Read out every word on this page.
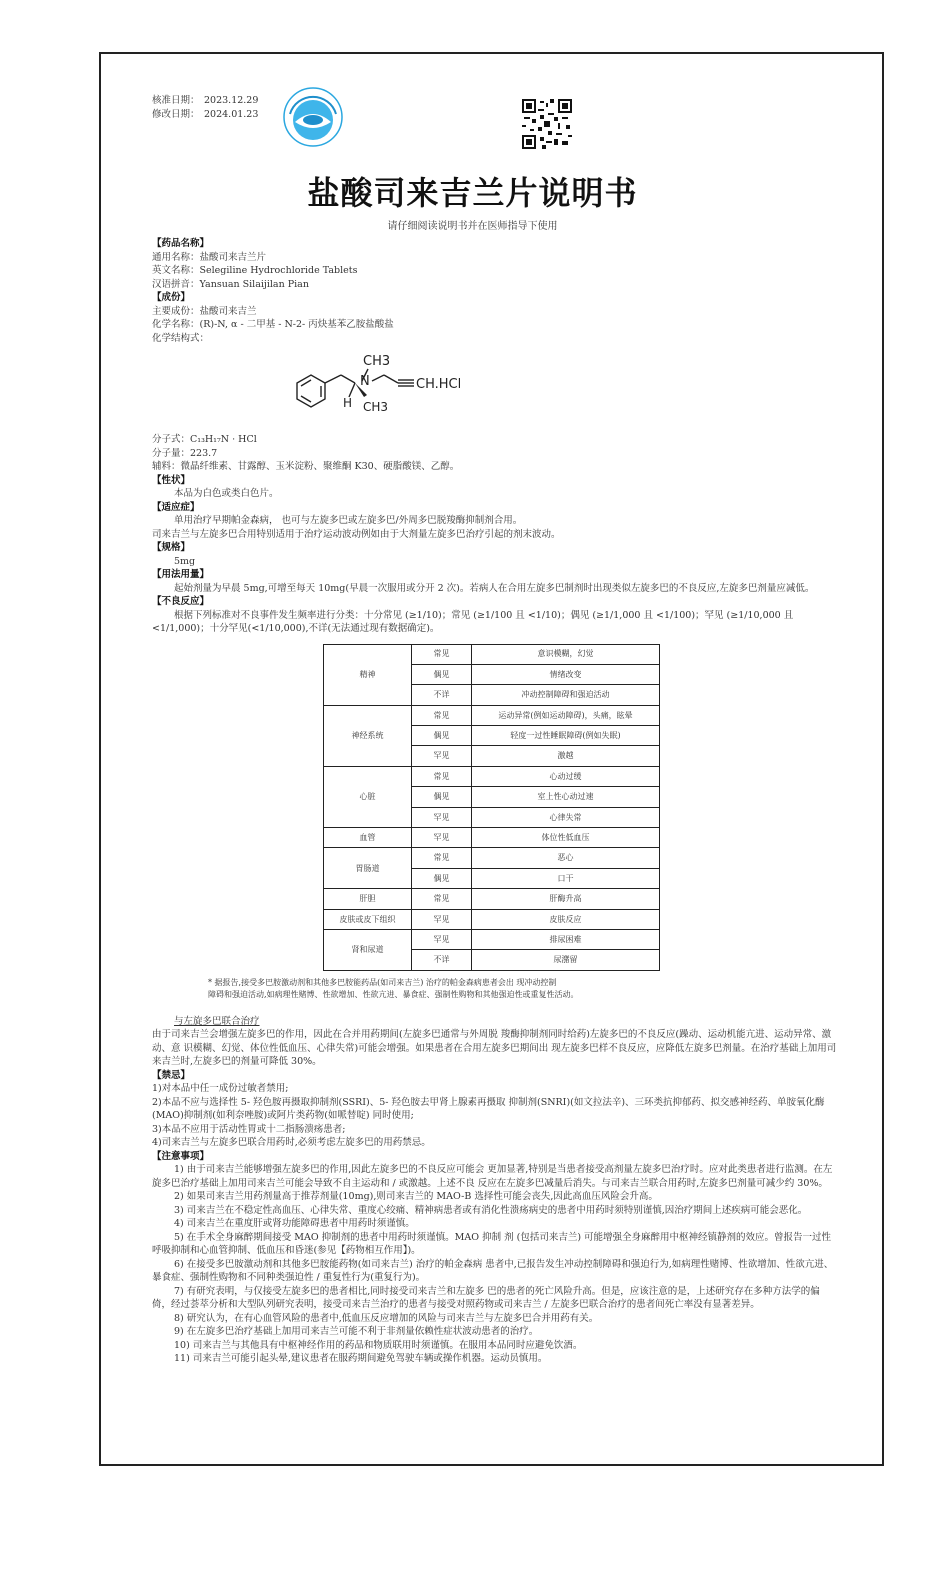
核准日期： 2023.12.29
修改日期： 2024.01.23
盐酸司来吉兰片说明书
请仔细阅读说明书并在医师指导下使用
【药品名称】
通用名称： 盐酸司来吉兰片
英文名称： Selegiline Hydrochloride Tablets
汉语拼音： Yansuan Silaijilan Pian
【成份】
主要成份： 盐酸司来吉兰
化学名称： (R)-N, α - 二甲基 - N-2- 丙炔基苯乙胺盐酸盐
化学结构式：
CH3
N
H CH3
CH.HCl
分子式： C₁₃H₁₇N · HCl
分子量： 223.7
辅料： 微晶纤维素、甘露醇、玉米淀粉、聚维酮 K30、硬脂酸镁、乙醇。
【性状】
本品为白色或类白色片。
【适应症】
单用治疗早期帕金森病， 也可与左旋多巴或左旋多巴/外周多巴脱羧酶抑制剂合用。
司来吉兰与左旋多巴合用特别适用于治疗运动波动例如由于大剂量左旋多巴治疗引起的剂末波动。
【规格】
5mg
【用法用量】
起始剂量为早晨 5mg,可增至每天 10mg(早晨一次服用或分开 2 次)。若病人在合用左旋多巴制剂时出现类似左旋多巴的不良反应,左旋多巴剂量应减低。
【不良反应】
根据下列标准对不良事件发生频率进行分类：十分常见 (≥1/10)；常见 (≥1/100 且 <1/10)；偶见 (≥1/1,000 且 <1/100)；罕见 (≥1/10,000 且 <1/1,000)；十分罕见(<1/10,000),不详(无法通过现有数据确定)。
精神	常见	意识模糊，幻觉
	偶见	情绪改变
	不详	冲动控制障碍和强迫活动
神经系统	常见	运动异常(例如运动障碍)，头痛，眩晕
	偶见	轻度一过性睡眠障碍(例如失眠)
	罕见	激越
心脏	常见	心动过缓
	偶见	室上性心动过速
	罕见	心律失常
血管	罕见	体位性低血压
胃肠道	常见	恶心
	偶见	口干
肝胆	常见	肝酶升高
皮肤或皮下组织	罕见	皮肤反应
肾和尿道	罕见	排尿困难
	不详	尿潴留
* 据报告,接受多巴胺激动剂和其他多巴胺能药品(如司来吉兰) 治疗的帕金森病患者会出 现冲动控制
障碍和强迫活动,如病理性赌博、性欲增加、性欲亢进、暴食症、强制性购物和其他强迫性或重复性活动。
与左旋多巴联合治疗
由于司来吉兰会增强左旋多巴的作用，因此在合并用药期间(左旋多巴通常与外周脱 羧酶抑制剂同时给药)左旋多巴的不良反应(躁动、运动机能亢进、运动异常、激动、意 识模糊、幻觉、体位性低血压、心律失常)可能会增强。如果患者在合用左旋多巴期间出 现左旋多巴样不良反应，应降低左旋多巴剂量。在治疗基础上加用司来吉兰时,左旋多巴的剂量可降低 30%。
【禁忌】
1)对本品中任一成份过敏者禁用;
2)本品不应与选择性 5- 羟色胺再摄取抑制剂(SSRI)、5- 羟色胺去甲肾上腺素再摄取 抑制剂(SNRI)(如文拉法辛)、三环类抗抑郁药、拟交感神经药、单胺氧化酶(MAO)抑制剂(如利奈唑胺)或阿片类药物(如哌替啶) 同时使用;
3)本品不应用于活动性胃或十二指肠溃疡患者;
4)司来吉兰与左旋多巴联合用药时,必须考虑左旋多巴的用药禁忌。
【注意事项】
1) 由于司来吉兰能够增强左旋多巴的作用,因此左旋多巴的不良反应可能会 更加显著,特别是当患者接受高剂量左旋多巴治疗时。应对此类患者进行监测。在左旋多巴治疗基础上加用司来吉兰可能会导致不自主运动和 / 或激越。上述不良 反应在左旋多巴减量后消失。与司来吉兰联合用药时,左旋多巴剂量可减少约 30%。
2) 如果司来吉兰用药剂量高于推荐剂量(10mg),则司来吉兰的 MAO-B 选择性可能会丧失,因此高血压风险会升高。
3) 司来吉兰在不稳定性高血压、心律失常、重度心绞痛、精神病患者或有消化性溃疡病史的患者中用药时须特别谨慎,因治疗期间上述疾病可能会恶化。
4) 司来吉兰在重度肝或肾功能障碍患者中用药时须谨慎。
5) 在手术全身麻醉期间接受 MAO 抑制剂的患者中用药时须谨慎。MAO 抑制 剂 (包括司来吉兰) 可能增强全身麻醉用中枢神经镇静剂的效应。曾报告一过性呼吸抑制和心血管抑制、低血压和昏迷(参见【药物相互作用】)。
6) 在接受多巴胺激动剂和其他多巴胺能药物(如司来吉兰) 治疗的帕金森病 患者中,已报告发生冲动控制障碍和强迫行为,如病理性赌博、性欲增加、性欲亢进、暴食症、强制性购物和不同种类强迫性 / 重复性行为(重复行为)。
7) 有研究表明，与仅接受左旋多巴的患者相比,同时接受司来吉兰和左旋多 巴的患者的死亡风险升高。但是，应该注意的是，上述研究存在多种方法学的偏倚，经过荟萃分析和大型队列研究表明，接受司来吉兰治疗的患者与接受对照药物或司来吉兰 / 左旋多巴联合治疗的患者间死亡率没有显著差异。
8) 研究认为，在有心血管风险的患者中,低血压反应增加的风险与司来吉兰与左旋多巴合并用药有关。
9) 在左旋多巴治疗基础上加用司来吉兰可能不利于非剂量依赖性症状波动患者的治疗。
10) 司来吉兰与其他具有中枢神经作用的药品和物质联用时须谨慎。在服用本品同时应避免饮酒。
11) 司来吉兰可能引起头晕,建议患者在服药期间避免驾驶车辆或操作机器。运动员慎用。
